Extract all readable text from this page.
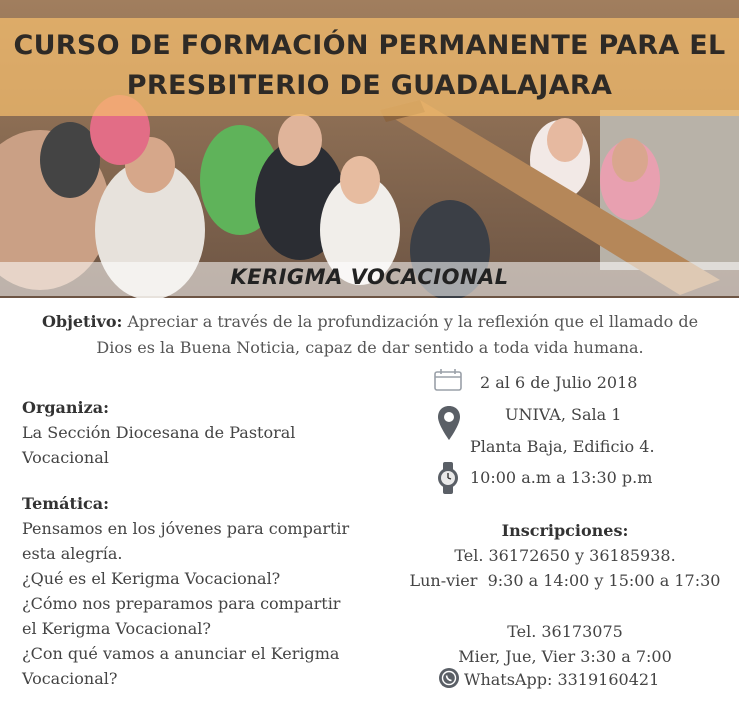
CURSO DE FORMACIÓN PERMANENTE PARA EL
PRESBITERIO DE GUADALAJARA
KERIGMA VOCACIONAL
Objetivo: Apreciar a través de la profundización y la reflexión que el llamado de
Dios es la Buena Noticia, capaz de dar sentido a toda vida humana.
Organiza:
La Sección Diocesana de Pastoral
Vocacional
Temática:
Pensamos en los jóvenes para compartir
esta alegría.
¿Qué es el Kerigma Vocacional?
¿Cómo nos preparamos para compartir
el Kerigma Vocacional?
¿Con qué vamos a anunciar el Kerigma
Vocacional?
2 al 6 de Julio 2018
UNIVA, Sala 1
Planta Baja, Edificio 4.
10:00 a.m a 13:30 p.m
Inscripciones:
Tel. 36172650 y 36185938.
Lun-vier  9:30 a 14:00 y 15:00 a 17:30
Tel. 36173075
Mier, Jue, Vier 3:30 a 7:00
WhatsApp: 3319160421
